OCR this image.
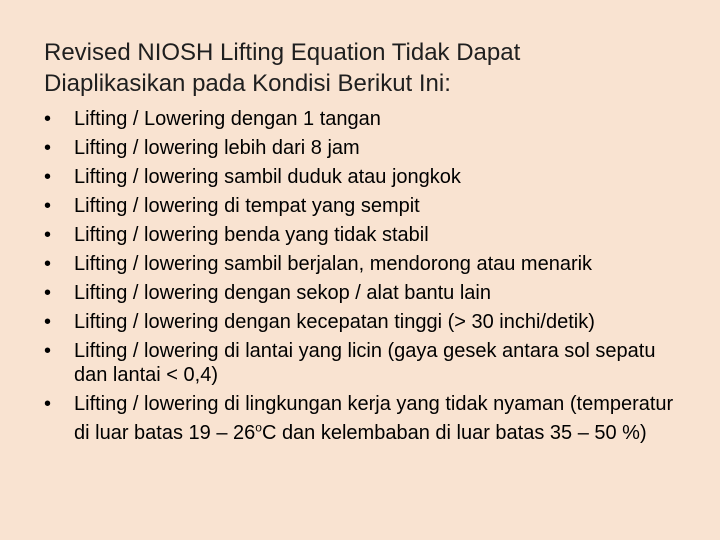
Revised NIOSH Lifting Equation Tidak Dapat
Diaplikasikan pada Kondisi Berikut Ini:
•	Lifting / Lowering dengan 1 tangan
•	Lifting / lowering lebih dari 8 jam
•	Lifting / lowering sambil duduk atau jongkok
•	Lifting / lowering di tempat yang sempit
•	Lifting / lowering benda yang tidak stabil
•	Lifting / lowering sambil berjalan, mendorong atau menarik
•	Lifting / lowering dengan sekop / alat bantu lain
•	Lifting / lowering dengan kecepatan tinggi (> 30 inchi/detik)
•	Lifting / lowering di lantai yang licin (gaya gesek antara sol sepatu dan lantai < 0,4)
•	Lifting / lowering di lingkungan kerja yang tidak nyaman (temperatur di luar batas 19 – 26$^o$C dan kelembaban di luar batas 35 – 50 %)
